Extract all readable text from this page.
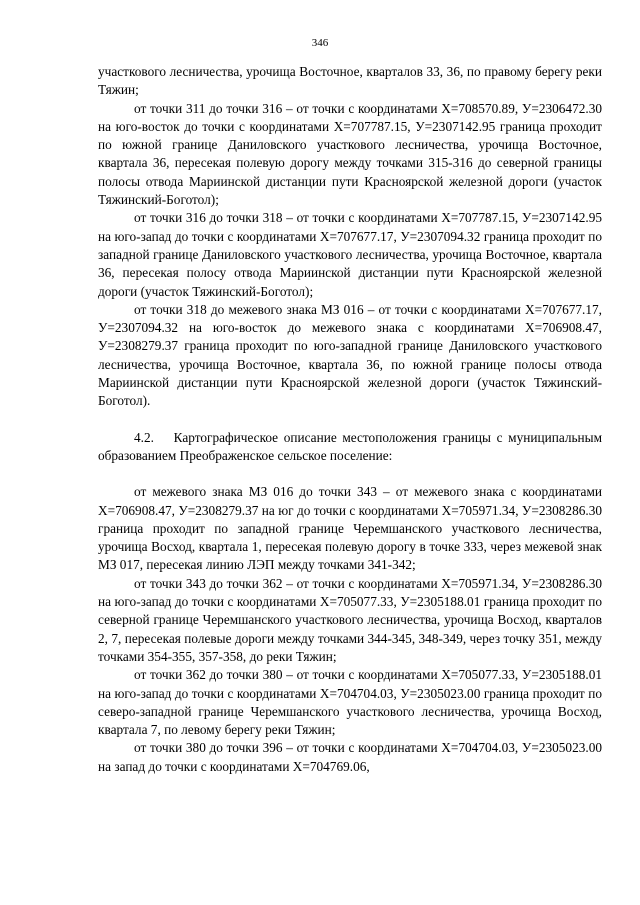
346

участкового лесничества, урочища Восточное, кварталов 33, 36, по правому берегу реки Тяжин;

от точки 311 до точки 316 – от точки с координатами Х=708570.89, У=2306472.30 на юго-восток до точки с координатами Х=707787.15, У=2307142.95 граница проходит по южной границе Даниловского участкового лесничества, урочища Восточное, квартала 36, пересекая полевую дорогу между точками 315-316 до северной границы полосы отвода Мариинской дистанции пути Красноярской железной дороги (участок Тяжинский-Боготол);

от точки 316 до точки 318 – от точки с координатами Х=707787.15, У=2307142.95 на юго-запад до точки с координатами Х=707677.17, У=2307094.32 граница проходит по западной границе Даниловского участкового лесничества, урочища Восточное, квартала 36, пересекая полосу отвода Мариинской дистанции пути Красноярской железной дороги (участок Тяжинский-Боготол);

от точки 318 до межевого знака МЗ 016 – от точки с координатами Х=707677.17, У=2307094.32 на юго-восток до межевого знака с координатами Х=706908.47, У=2308279.37 граница проходит по юго-западной границе Даниловского участкового лесничества, урочища Восточное, квартала 36, по южной границе полосы отвода Мариинской дистанции пути Красноярской железной дороги (участок Тяжинский-Боготол).

4.2. Картографическое описание местоположения границы с муниципальным образованием Преображенское сельское поселение:

от межевого знака МЗ 016 до точки 343 – от межевого знака с координатами Х=706908.47, У=2308279.37 на юг до точки с координатами Х=705971.34, У=2308286.30 граница проходит по западной границе Черемшанского участкового лесничества, урочища Восход, квартала 1, пересекая полевую дорогу в точке 333, через межевой знак МЗ 017, пересекая линию ЛЭП между точками 341-342;

от точки 343 до точки 362 – от точки с координатами Х=705971.34, У=2308286.30 на юго-запад до точки с координатами Х=705077.33, У=2305188.01 граница проходит по северной границе Черемшанского участкового лесничества, урочища Восход, кварталов 2, 7, пересекая полевые дороги между точками 344-345, 348-349, через точку 351, между точками 354-355, 357-358, до реки Тяжин;

от точки 362 до точки 380 – от точки с координатами Х=705077.33, У=2305188.01 на юго-запад до точки с координатами Х=704704.03, У=2305023.00 граница проходит по северо-западной границе Черемшанского участкового лесничества, урочища Восход, квартала 7, по левому берегу реки Тяжин;

от точки 380 до точки 396 – от точки с координатами Х=704704.03, У=2305023.00 на запад до точки с координатами Х=704769.06,
